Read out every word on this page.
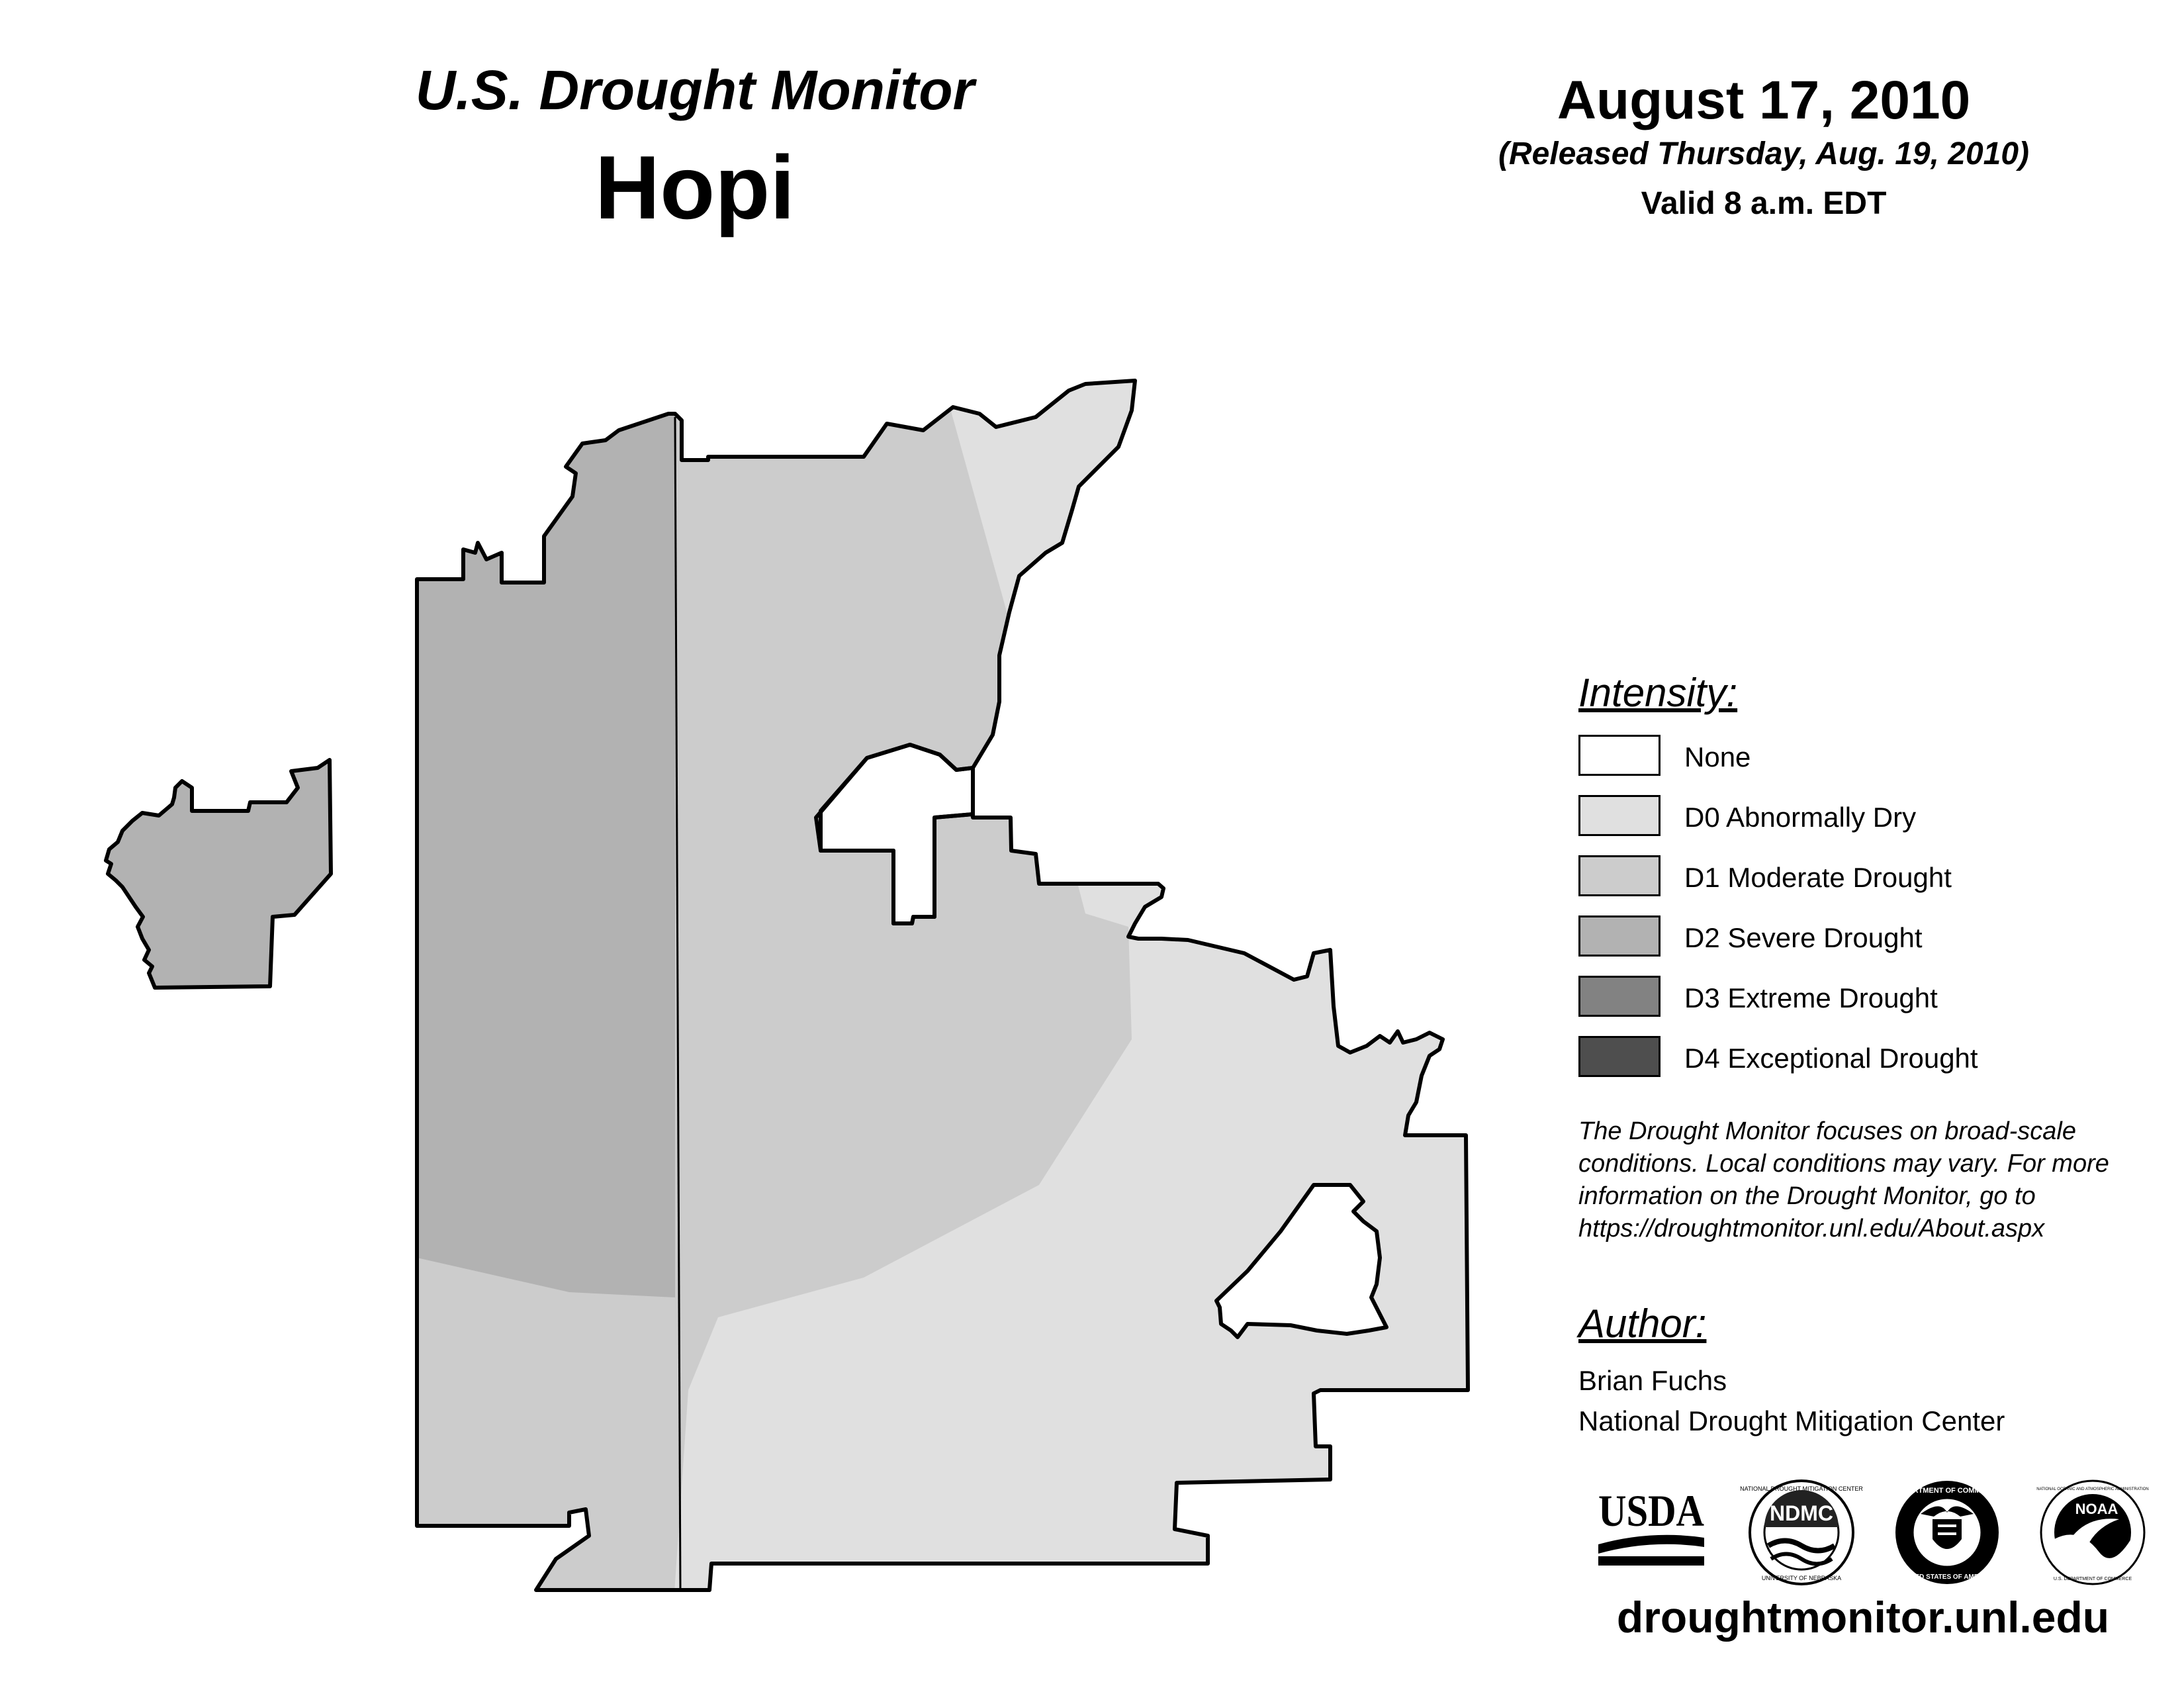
U.S. Drought Monitor
Hopi
August 17, 2010
(Released Thursday, Aug. 19, 2010)
Valid 8 a.m. EDT
Intensity:
None
D0 Abnormally Dry
D1 Moderate Drought
D2 Severe Drought
D3 Extreme Drought
D4 Exceptional Drought
The Drought Monitor focuses on broad-scale
conditions. Local conditions may vary. For more
information on the Drought Monitor, go to
https://droughtmonitor.unl.edu/About.aspx
Author:
Brian Fuchs
National Drought Mitigation Center
USDA	NDMC
NATIONAL DROUGHT MITIGATION CENTER
UNIVERSITY OF NEBRASKA
DEPARTMENT OF COMMERCE
UNITED STATES OF AMERICA
NOAA
NATIONAL OCEANIC AND ATMOSPHERIC ADMINISTRATION
U.S. DEPARTMENT OF COMMERCE
droughtmonitor.unl.edu
